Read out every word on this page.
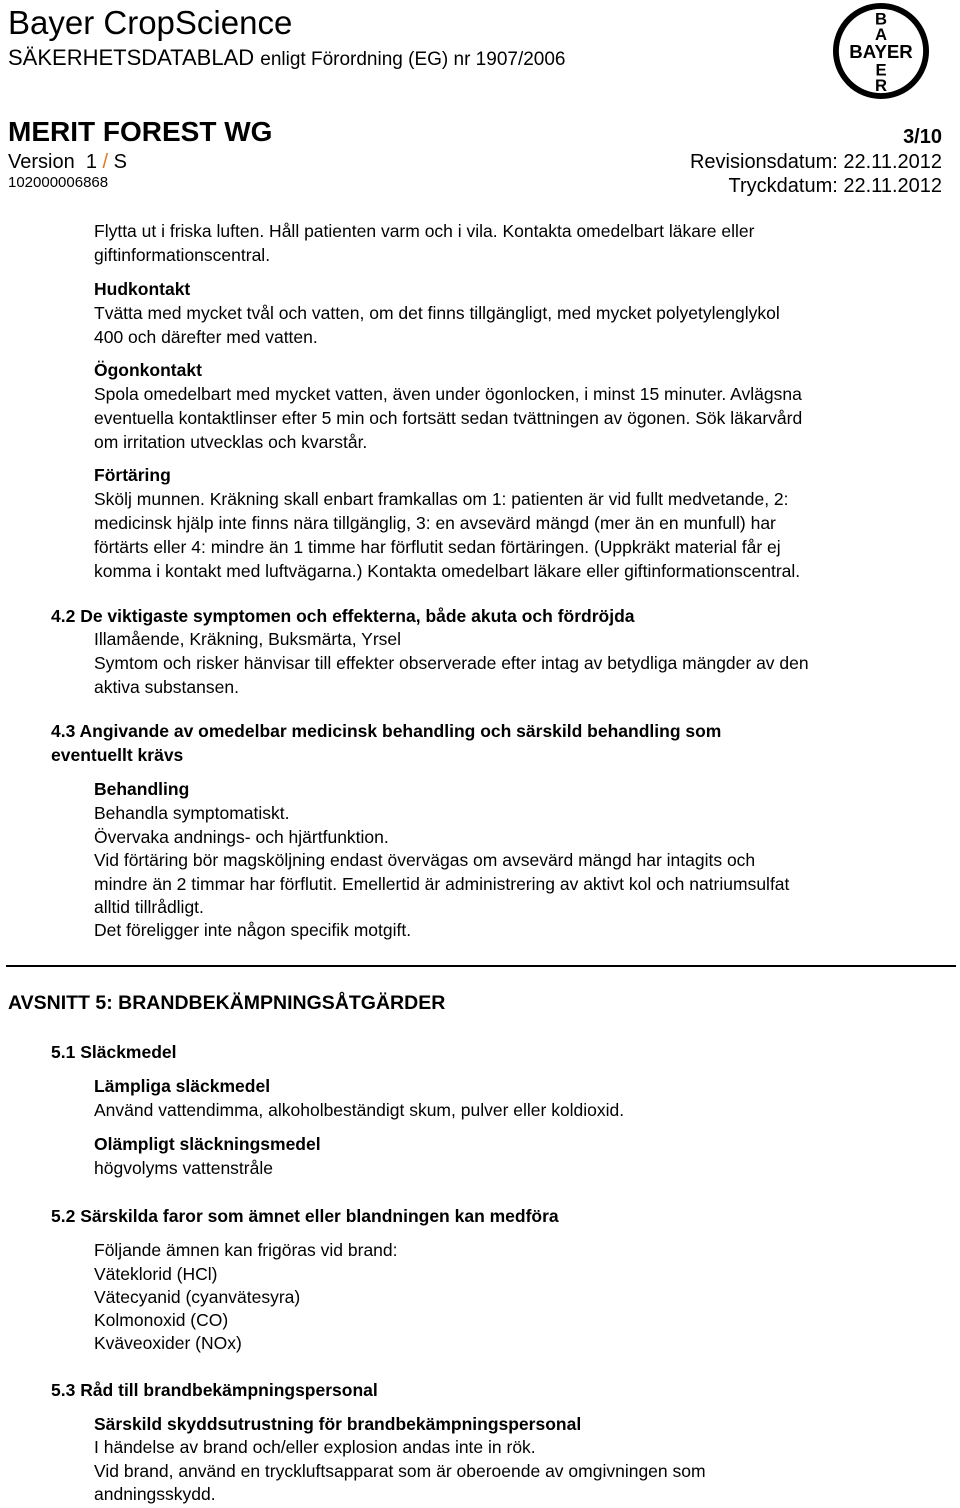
Bayer CropScience
SÄKERHETSDATABLAD enligt Förordning (EG) nr 1907/2006
B
A
BAYER
E
R
MERIT FOREST WG	3/10
Version 1 / S	Revisionsdatum: 22.11.2012
102000006868	Tryckdatum: 22.11.2012
Flytta ut i friska luften. Håll patienten varm och i vila. Kontakta omedelbart läkare eller
giftinformationscentral.
Hudkontakt
Tvätta med mycket tvål och vatten, om det finns tillgängligt, med mycket polyetylenglykol
400 och därefter med vatten.
Ögonkontakt
Spola omedelbart med mycket vatten, även under ögonlocken, i minst 15 minuter. Avlägsna
eventuella kontaktlinser efter 5 min och fortsätt sedan tvättningen av ögonen. Sök läkarvård
om irritation utvecklas och kvarstår.
Förtäring
Skölj munnen. Kräkning skall enbart framkallas om 1: patienten är vid fullt medvetande, 2:
medicinsk hjälp inte finns nära tillgänglig, 3: en avsevärd mängd (mer än en munfull) har
förtärts eller 4: mindre än 1 timme har förflutit sedan förtäringen. (Uppkräkt material får ej
komma i kontakt med luftvägarna.) Kontakta omedelbart läkare eller giftinformationscentral.
4.2 De viktigaste symptomen och effekterna, både akuta och fördröjda
Illamående, Kräkning, Buksmärta, Yrsel
Symtom och risker hänvisar till effekter observerade efter intag av betydliga mängder av den
aktiva substansen.
4.3 Angivande av omedelbar medicinsk behandling och särskild behandling som
eventuellt krävs
Behandling
Behandla symptomatiskt.
Övervaka andnings- och hjärtfunktion.
Vid förtäring bör magsköljning endast övervägas om avsevärd mängd har intagits och
mindre än 2 timmar har förflutit. Emellertid är administrering av aktivt kol och natriumsulfat
alltid tillrådligt.
Det föreligger inte någon specifik motgift.
AVSNITT 5: BRANDBEKÄMPNINGSÅTGÄRDER
5.1 Släckmedel
Lämpliga släckmedel
Använd vattendimma, alkoholbeständigt skum, pulver eller koldioxid.
Olämpligt släckningsmedel
högvolyms vattenstråle
5.2 Särskilda faror som ämnet eller blandningen kan medföra
Följande ämnen kan frigöras vid brand:
Väteklorid (HCl)
Vätecyanid (cyanvätesyra)
Kolmonoxid (CO)
Kväveoxider (NOx)
5.3 Råd till brandbekämpningspersonal
Särskild skyddsutrustning för brandbekämpningspersonal
I händelse av brand och/eller explosion andas inte in rök.
Vid brand, använd en tryckluftsapparat som är oberoende av omgivningen som
andningsskydd.
